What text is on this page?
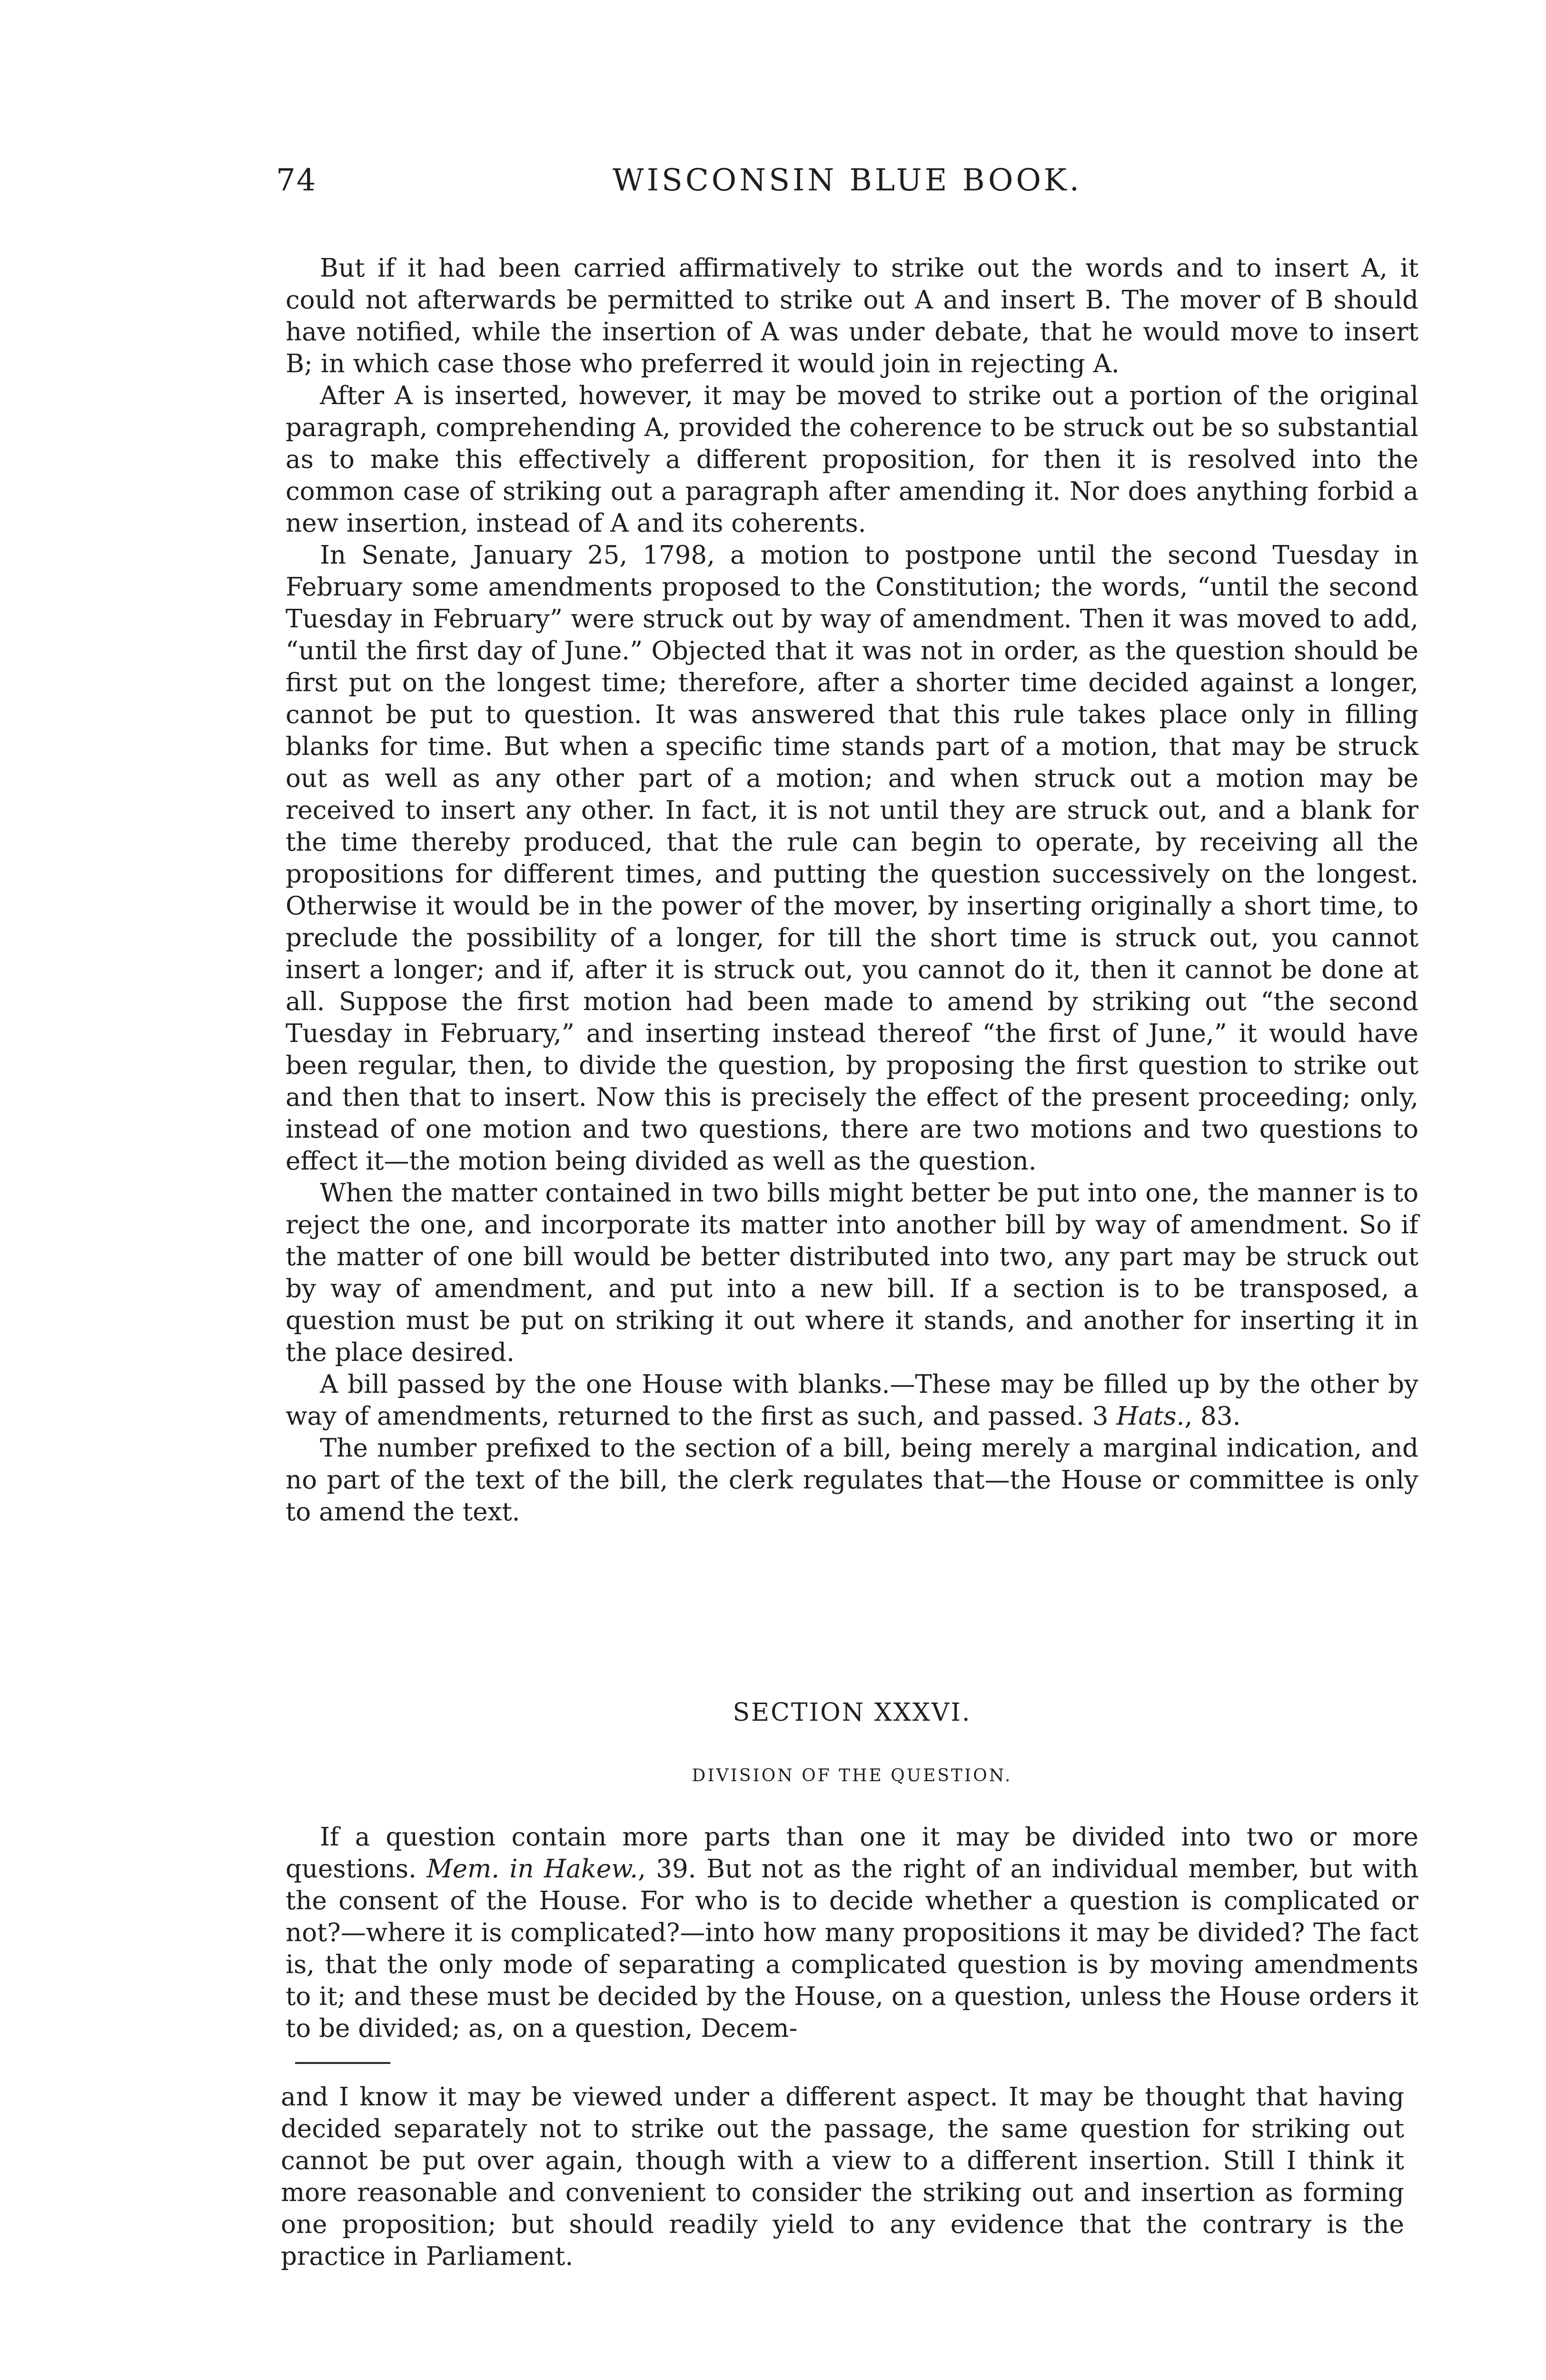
74	WISCONSIN BLUE BOOK.

But if it had been carried affirmatively to strike out the words and to insert A, it could not afterwards be permitted to strike out A and insert B. The mover of B should have notified, while the insertion of A was under debate, that he would move to insert B; in which case those who preferred it would join in rejecting A.

After A is inserted, however, it may be moved to strike out a portion of the original paragraph, comprehending A, provided the coherence to be struck out be so substantial as to make this effectively a different proposition, for then it is resolved into the common case of striking out a paragraph after amending it. Nor does anything forbid a new insertion, instead of A and its coherents.

In Senate, January 25, 1798, a motion to postpone until the second Tuesday in February some amendments proposed to the Constitution; the words, “until the second Tuesday in February” were struck out by way of amendment. Then it was moved to add, “until the first day of June.” Objected that it was not in order, as the question should be first put on the longest time; therefore, after a shorter time decided against a longer, cannot be put to question. It was answered that this rule takes place only in filling blanks for time. But when a specific time stands part of a motion, that may be struck out as well as any other part of a motion; and when struck out a motion may be received to insert any other. In fact, it is not until they are struck out, and a blank for the time thereby produced, that the rule can begin to operate, by receiving all the propositions for different times, and putting the question successively on the longest. Otherwise it would be in the power of the mover, by inserting originally a short time, to preclude the possibility of a longer, for till the short time is struck out, you cannot insert a longer; and if, after it is struck out, you cannot do it, then it cannot be done at all. Suppose the first motion had been made to amend by striking out “the second Tuesday in February,” and inserting instead thereof “the first of June,” it would have been regular, then, to divide the question, by proposing the first question to strike out and then that to insert. Now this is precisely the effect of the present proceeding; only, instead of one motion and two questions, there are two motions and two questions to effect it—the motion being divided as well as the question.

When the matter contained in two bills might better be put into one, the manner is to reject the one, and incorporate its matter into another bill by way of amendment. So if the matter of one bill would be better distributed into two, any part may be struck out by way of amendment, and put into a new bill. If a section is to be transposed, a question must be put on striking it out where it stands, and another for inserting it in the place desired.

A bill passed by the one House with blanks.—These may be filled up by the other by way of amendments, returned to the first as such, and passed. 3 Hats., 83.

The number prefixed to the section of a bill, being merely a marginal indication, and no part of the text of the bill, the clerk regulates that—the House or committee is only to amend the text.

SECTION XXXVI.
DIVISION OF THE QUESTION.

If a question contain more parts than one it may be divided into two or more questions. Mem. in Hakew., 39. But not as the right of an individual member, but with the consent of the House. For who is to decide whether a question is complicated or not?—where it is complicated?—into how many propositions it may be divided? The fact is, that the only mode of separating a complicated question is by moving amendments to it; and these must be decided by the House, on a question, unless the House orders it to be divided; as, on a question, Decem-

and I know it may be viewed under a different aspect. It may be thought that having decided separately not to strike out the passage, the same question for striking out cannot be put over again, though with a view to a different insertion. Still I think it more reasonable and convenient to consider the striking out and insertion as forming one proposition; but should readily yield to any evidence that the contrary is the practice in Parliament.
